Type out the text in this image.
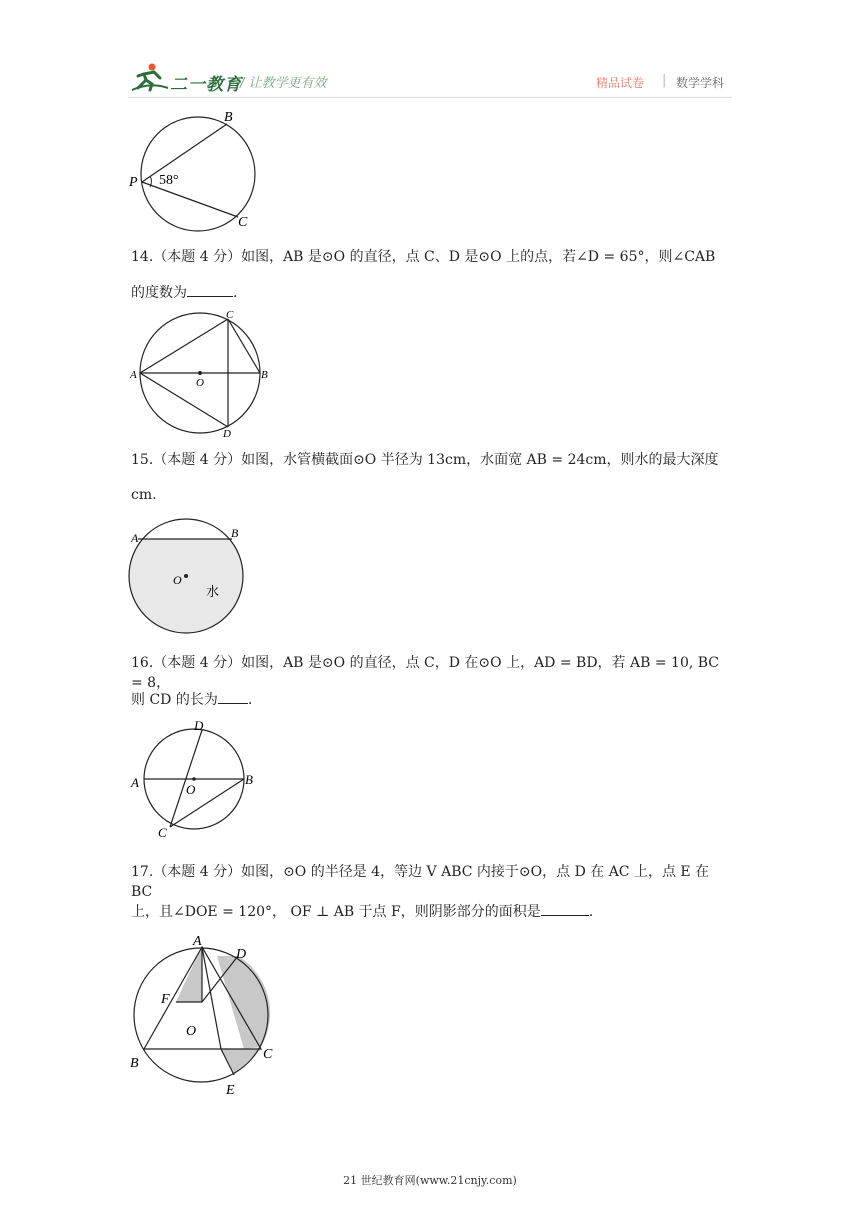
二一教育
/ 让教学更有效	精品试卷 | 数学学科
B
P
C
58°
14.（本题 4 分）如图，AB 是⊙O 的直径，点 C、D 是⊙O 上的点，若∠D = 65°，则∠CAB
的度数为	.
C
A	B
O
D
15.（本题 4 分）如图，水管横截面⊙O 半径为 13cm，水面宽 AB = 24cm，则水的最大深度
cm.
A	B
O
水
16.（本题 4 分）如图，AB 是⊙O 的直径，点 C，D 在⊙O 上，AD = BD，若 AB = 10, BC = 8，
则 CD 的长为 .
D
A	B
O
C
17.（本题 4 分）如图，⊙O 的半径是 4，等边 V ABC 内接于⊙O，点 D 在 AC 上，点 E 在 BC
上，且∠DOE = 120°， OF ⊥ AB 于点 F，则阴影部分的面积是	.
A
D
F
O
B
C
E
21 世纪教育网(www.21cnjy.com)
